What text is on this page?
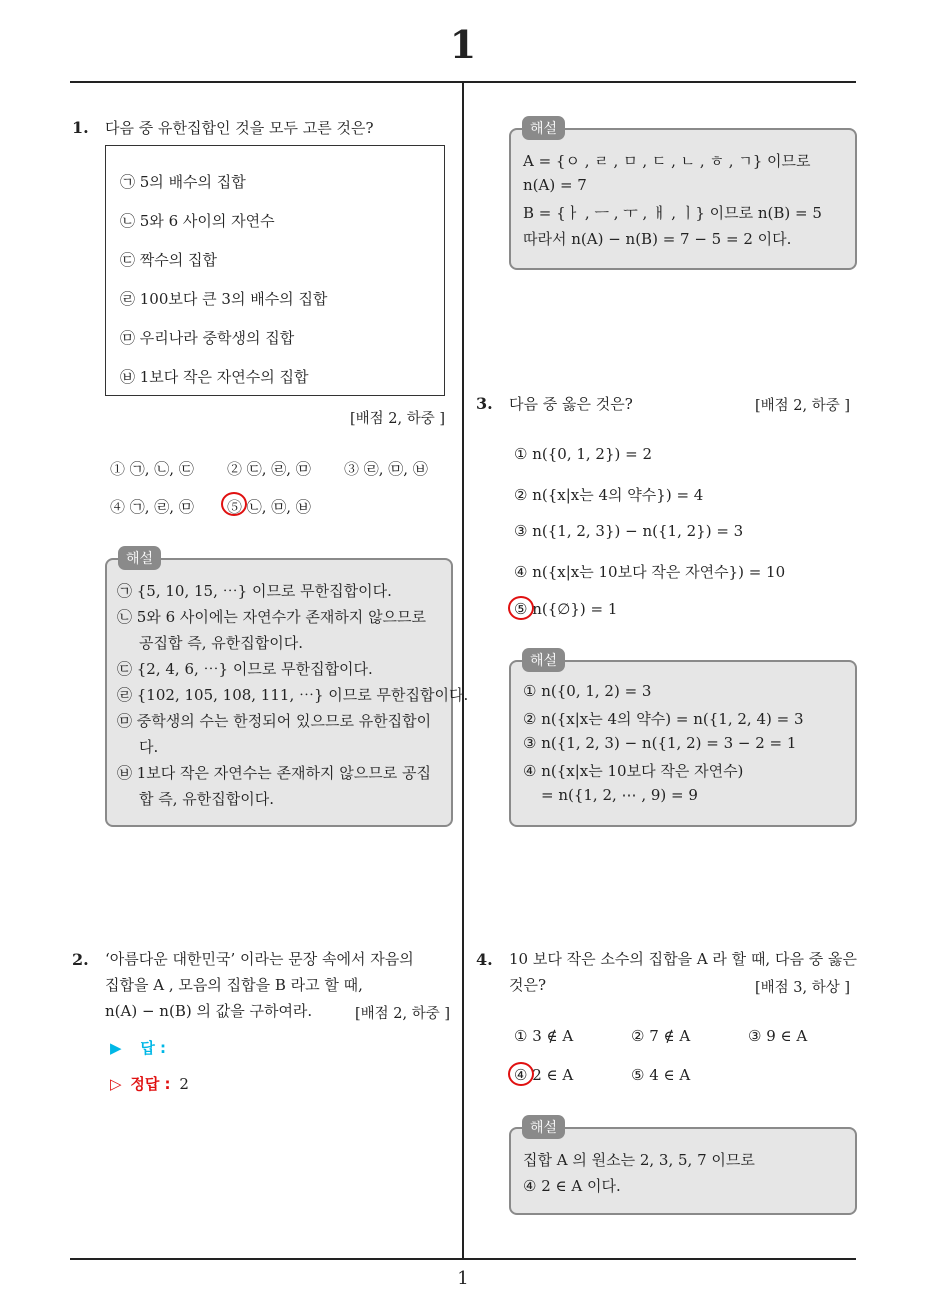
1
1
1. 다음 중 유한집합인 것을 모두 고른 것은?
㉠ 5의 배수의 집합
㉡ 5와 6 사이의 자연수
㉢ 짝수의 집합
㉣ 100보다 큰 3의 배수의 집합
㉤ 우리나라 중학생의 집합
㉥ 1보다 작은 자연수의 집합
[배점 2, 하중 ]
① ㉠, ㉡, ㉢ ② ㉢, ㉣, ㉤ ③ ㉣, ㉤, ㉥
④ ㉠, ㉣, ㉤ ⑤ ㉡, ㉤, ㉥
㉠ {5, 10, 15, ⋯} 이므로 무한집합이다.
㉡ 5와 6 사이에는 자연수가 존재하지 않으므로
공집합 즉, 유한집합이다.
㉢ {2, 4, 6, ⋯} 이므로 무한집합이다.
㉣ {102, 105, 108, 111, ⋯} 이므로 무한집합이다.
㉤ 중학생의 수는 한정되어 있으므로 유한집합이
다.
㉥ 1보다 작은 자연수는 존재하지 않으므로 공집
합 즉, 유한집합이다.
해설
A = {ㅇ , ㄹ , ㅁ , ㄷ , ㄴ , ㅎ , ㄱ} 이므로
n(A) = 7
B = {ㅏ , ㅡ , ㅜ , ㅐ , ㅣ} 이므로 n(B) = 5
따라서 n(A) − n(B) = 7 − 5 = 2 이다.
해설
2. ‘아름다운 대한민국’ 이라는 문장 속에서 자음의
집합을 A , 모음의 집합을 B 라고 할 때,
n(A) − n(B) 의 값을 구하여라.	[배점 2, 하중 ]
▶ 답 :
▷ 정답 : 2
3. 다음 중 옳은 것은?	[배점 2, 하중 ]
① n({0, 1, 2}) = 2
② n({x|x는 4의 약수}) = 4
③ n({1, 2, 3}) − n({1, 2}) = 3
④ n({x|x는 10보다 작은 자연수}) = 10
⑤ n({∅}) = 1
① n({0, 1, 2) = 3
② n({x|x는 4의 약수) = n({1, 2, 4) = 3
③ n({1, 2, 3) − n({1, 2) = 3 − 2 = 1
④ n({x|x는 10보다 작은 자연수)
= n({1, 2, ⋯ , 9) = 9
해설
4. 10 보다 작은 소수의 집합을 A 라 할 때, 다음 중 옳은
것은?	[배점 3, 하상 ]
① 3 ∉ A	② 7 ∉ A	③ 9 ∈ A
④ 2 ∈ A	⑤ 4 ∈ A
집합 A 의 원소는 2, 3, 5, 7 이므로
④ 2 ∈ A 이다.
해설
